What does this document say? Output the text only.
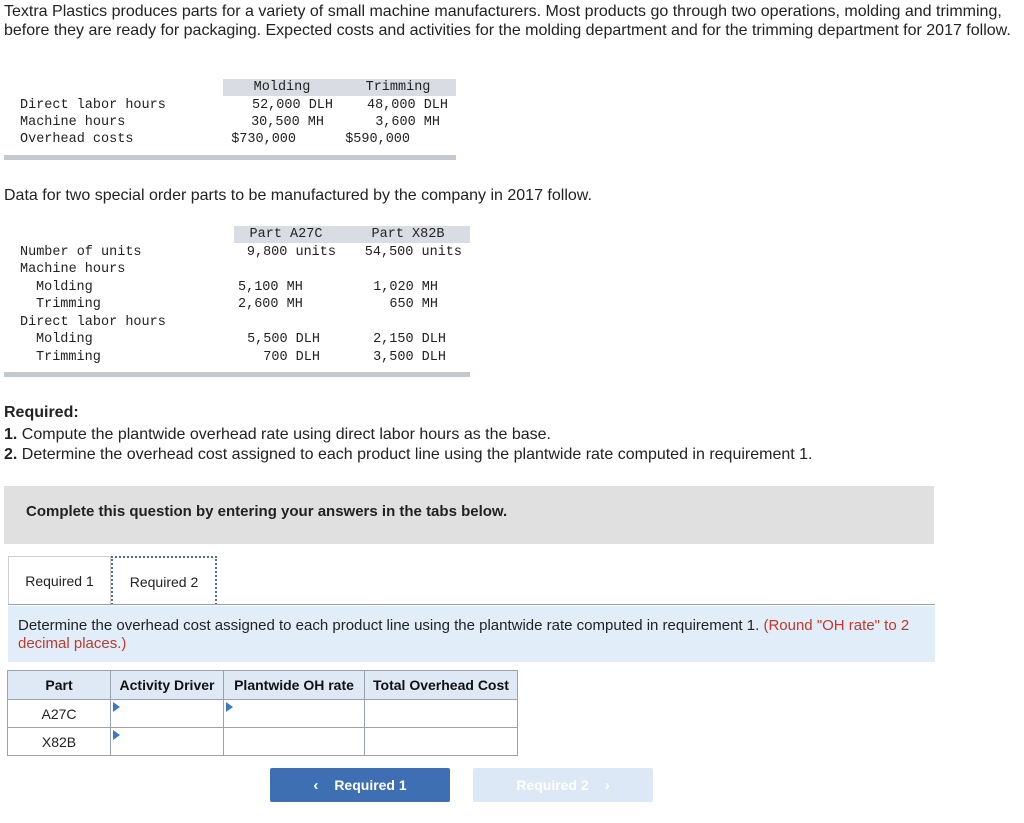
Textra Plastics produces parts for a variety of small machine manufacturers. Most products go through two operations, molding and trimming, before they are ready for packaging. Expected costs and activities for the molding department and for the trimming department for 2017 follow.
Molding	Trimming
Direct labor hours	52,000 DLH	48,000 DLH
Machine hours	30,500 MH	3,600 MH
Overhead costs	$730,000	$590,000
Data for two special order parts to be manufactured by the company in 2017 follow.
Part A27C	Part X82B
Number of units	9,800 units	54,500 units
Machine hours
Molding	5,100 MH	1,020 MH
Trimming	2,600 MH	650 MH
Direct labor hours
Molding	5,500 DLH	2,150 DLH
Trimming	700 DLH	3,500 DLH
Required:
1. Compute the plantwide overhead rate using direct labor hours as the base.
2. Determine the overhead cost assigned to each product line using the plantwide rate computed in requirement 1.
Complete this question by entering your answers in the tabs below.
Required 1	Required 2
Determine the overhead cost assigned to each product line using the plantwide rate computed in requirement 1. (Round "OH rate" to 2 decimal places.)
Part	Activity Driver	Plantwide OH rate	Total Overhead Cost
A27C	

X82B	

‹ Required 1	Required 2 ›
